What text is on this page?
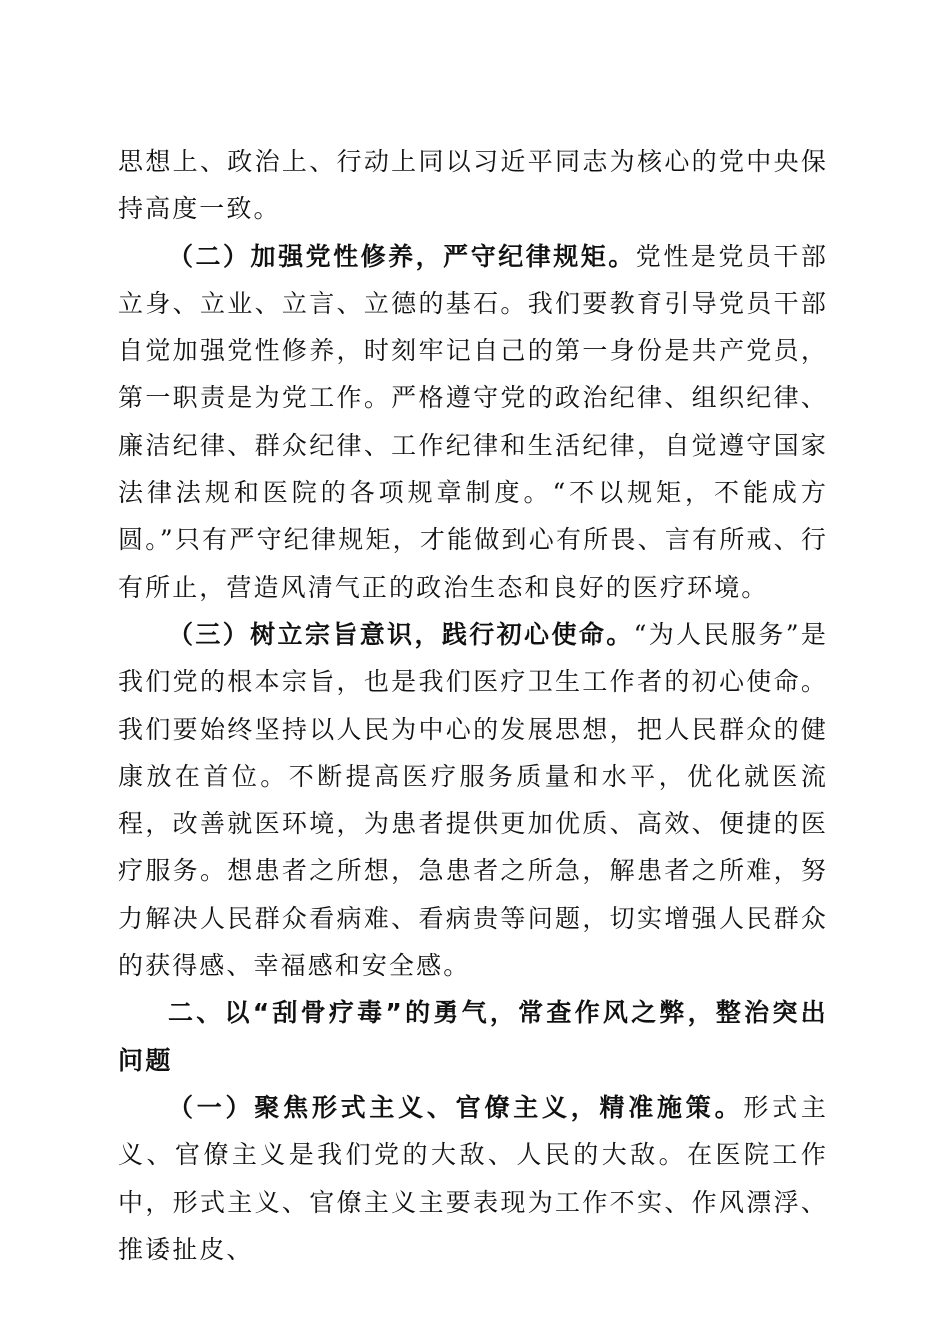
思想上、政治上、行动上同以习近平同志为核心的党中央保持高度一致。

（二）加强党性修养，严守纪律规矩。党性是党员干部立身、立业、立言、立德的基石。我们要教育引导党员干部自觉加强党性修养，时刻牢记自己的第一身份是共产党员，第一职责是为党工作。严格遵守党的政治纪律、组织纪律、廉洁纪律、群众纪律、工作纪律和生活纪律，自觉遵守国家法律法规和医院的各项规章制度。“不以规矩，不能成方圆。”只有严守纪律规矩，才能做到心有所畏、言有所戒、行有所止，营造风清气正的政治生态和良好的医疗环境。

（三）树立宗旨意识，践行初心使命。“为人民服务”是我们党的根本宗旨，也是我们医疗卫生工作者的初心使命。我们要始终坚持以人民为中心的发展思想，把人民群众的健康放在首位。不断提高医疗服务质量和水平，优化就医流程，改善就医环境，为患者提供更加优质、高效、便捷的医疗服务。想患者之所想，急患者之所急，解患者之所难，努力解决人民群众看病难、看病贵等问题，切实增强人民群众的获得感、幸福感和安全感。

二、以“刮骨疗毒”的勇气，常查作风之弊，整治突出问题

（一）聚焦形式主义、官僚主义，精准施策。形式主义、官僚主义是我们党的大敌、人民的大敌。在医院工作中，形式主义、官僚主义主要表现为工作不实、作风漂浮、推诿扯皮、
